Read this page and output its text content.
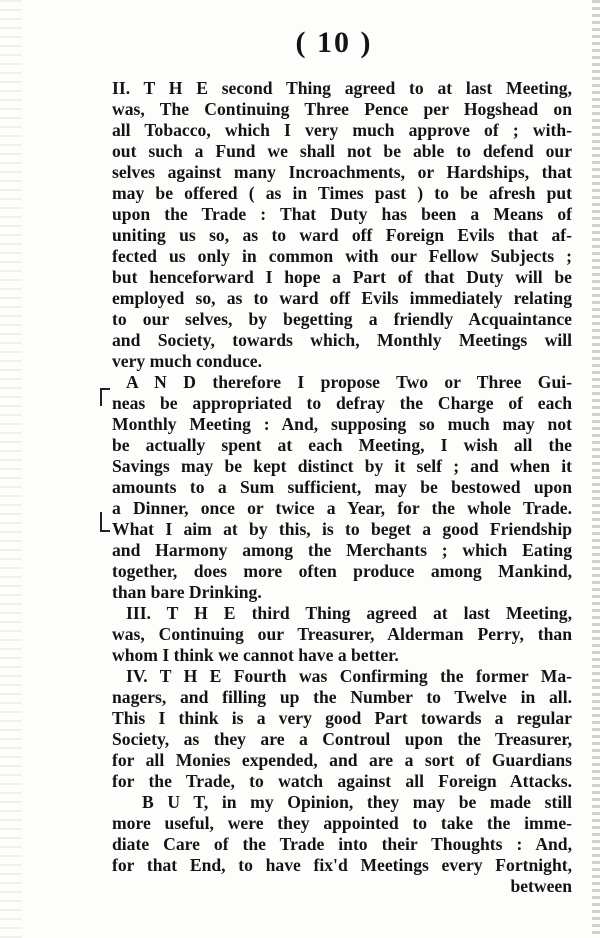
( 10 )
II. T H E second Thing agreed to at last Meeting,
was, The Continuing Three Pence per Hogshead on
all Tobacco, which I very much approve of ; with-
out such a Fund we shall not be able to defend our
selves against many Incroachments, or Hardships, that
may be offered ( as in Times past ) to be afresh put
upon the Trade : That Duty has been a Means of
uniting us so, as to ward off Foreign Evils that af-
fected us only in common with our Fellow Subjects ;
but henceforward I hope a Part of that Duty will be
employed so, as to ward off Evils immediately relating
to our selves, by begetting a friendly Acquaintance
and Society, towards which, Monthly Meetings will
very much conduce.
A N D therefore I propose Two or Three Gui-
neas be appropriated to defray the Charge of each
Monthly Meeting : And, supposing so much may not
be actually spent at each Meeting, I wish all the
Savings may be kept distinct by it self ; and when it
amounts to a Sum sufficient, may be bestowed upon
a Dinner, once or twice a Year, for the whole Trade.
What I aim at by this, is to beget a good Friendship
and Harmony among the Merchants ; which Eating
together, does more often produce among Mankind,
than bare Drinking.
III. T H E third Thing agreed at last Meeting,
was, Continuing our Treasurer, Alderman Perry, than
whom I think we cannot have a better.
IV. T H E Fourth was Confirming the former Ma-
nagers, and filling up the Number to Twelve in all.
This I think is a very good Part towards a regular
Society, as they are a Controul upon the Treasurer,
for all Monies expended, and are a sort of Guardians
for the Trade, to watch against all Foreign Attacks.
B U T, in my Opinion, they may be made still
more useful, were they appointed to take the imme-
diate Care of the Trade into their Thoughts : And,
for that End, to have fix'd Meetings every Fortnight,
between
